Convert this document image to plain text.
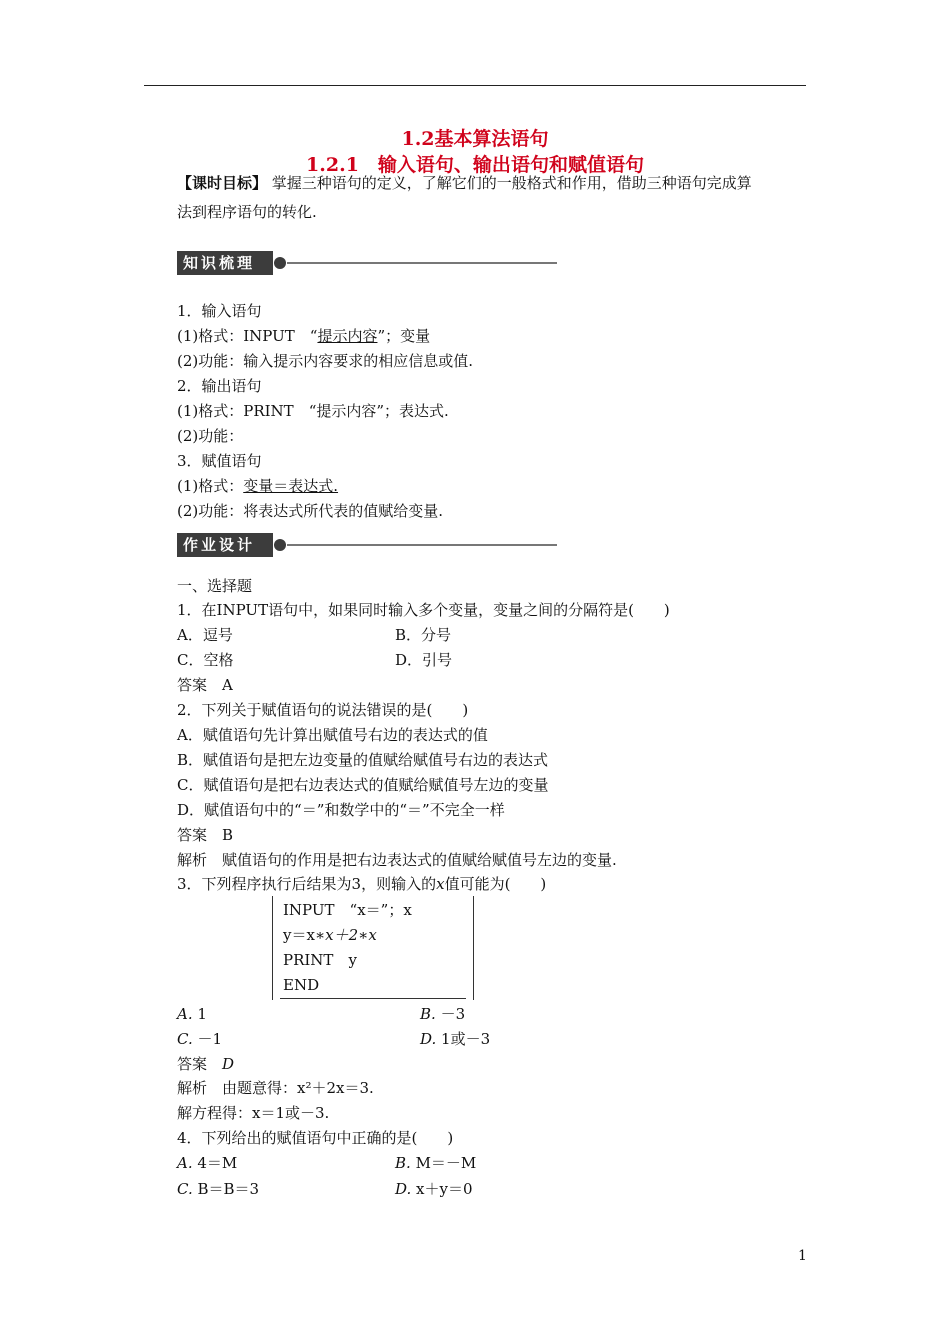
1.2基本算法语句
1.2.1　输入语句、输出语句和赋值语句
【课时目标】 掌握三种语句的定义，了解它们的一般格式和作用，借助三种语句完成算
法到程序语句的转化.
知识梳理
1．输入语句
(1)格式：INPUT　“提示内容”；变量
(2)功能：输入提示内容要求的相应信息或值.
2．输出语句
(1)格式：PRINT　“提示内容”；表达式.
(2)功能：
3．赋值语句
(1)格式：变量＝表达式.
(2)功能：将表达式所代表的值赋给变量.
作业设计
一、选择题
1．在INPUT语句中，如果同时输入多个变量，变量之间的分隔符是(　　)
A．逗号	B．分号
C．空格	D．引号
答案　A
2．下列关于赋值语句的说法错误的是(　　)
A．赋值语句先计算出赋值号右边的表达式的值
B．赋值语句是把左边变量的值赋给赋值号右边的表达式
C．赋值语句是把右边表达式的值赋给赋值号左边的变量
D．赋值语句中的“＝”和数学中的“＝”不完全一样
答案　B
解析　赋值语句的作用是把右边表达式的值赋给赋值号左边的变量.
3．下列程序执行后结果为3，则输入的x值可能为(　　)
INPUT　“x＝”；x
y＝x∗x＋2∗x
PRINT　y
END
A. 1	B. －3
C. －1	D. 1或－3
答案　D
解析　由题意得：x²＋2x＝3.
解方程得：x＝1或－3.
4．下列给出的赋值语句中正确的是(　　)
A. 4＝M	B. M＝－M
C. B＝B＝3	D. x＋y＝0
1
